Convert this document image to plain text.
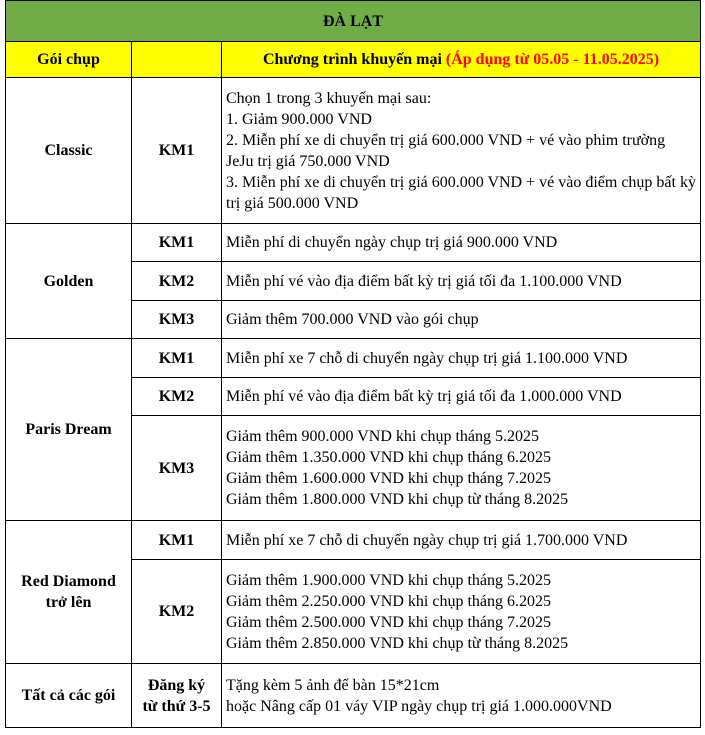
ĐÀ LẠT		
Gói chụp		Chương trình khuyến mại (Áp dụng từ 05.05 - 11.05.2025)
Classic	KM1	Chọn 1 trong 3 khuyến mại sau:
1. Giảm 900.000 VND
2. Miễn phí xe di chuyển trị giá 600.000 VND + vé vào phim trường JeJu trị giá 750.000 VND
3. Miễn phí xe di chuyển trị giá 600.000 VND + vé vào điểm chụp bất kỳ trị giá 500.000 VND

Golden	KM1	Miễn phí di chuyển ngày chụp trị giá 900.000 VND
	KM2	Miễn phí vé vào địa điểm bất kỳ trị giá tối đa 1.100.000 VND
	KM3	Giảm thêm 700.000 VND vào gói chụp
Paris Dream	KM1	Miễn phí xe 7 chỗ di chuyển ngày chụp trị giá 1.100.000 VND
	KM2	Miễn phí vé vào địa điểm bất kỳ trị giá tối đa 1.000.000 VND
	KM3	Giảm thêm 900.000 VND khi chụp tháng 5.2025
Giảm thêm 1.350.000 VND khi chụp tháng 6.2025
Giảm thêm 1.600.000 VND khi chụp tháng 7.2025
Giảm thêm 1.800.000 VND khi chụp từ tháng 8.2025

Red Diamond
trở lên	KM1	Miễn phí xe 7 chỗ di chuyển ngày chụp trị giá 1.700.000 VND
	KM2	Giảm thêm 1.900.000 VND khi chụp tháng 5.2025
Giảm thêm 2.250.000 VND khi chụp tháng 6.2025
Giảm thêm 2.500.000 VND khi chụp tháng 7.2025
Giảm thêm 2.850.000 VND khi chụp từ tháng 8.2025

Tất cả các gói	Đăng ký
từ thứ 3-5	Tặng kèm 5 ảnh để bàn 15*21cm
hoặc Nâng cấp 01 váy VIP ngày chụp trị giá 1.000.000VND
